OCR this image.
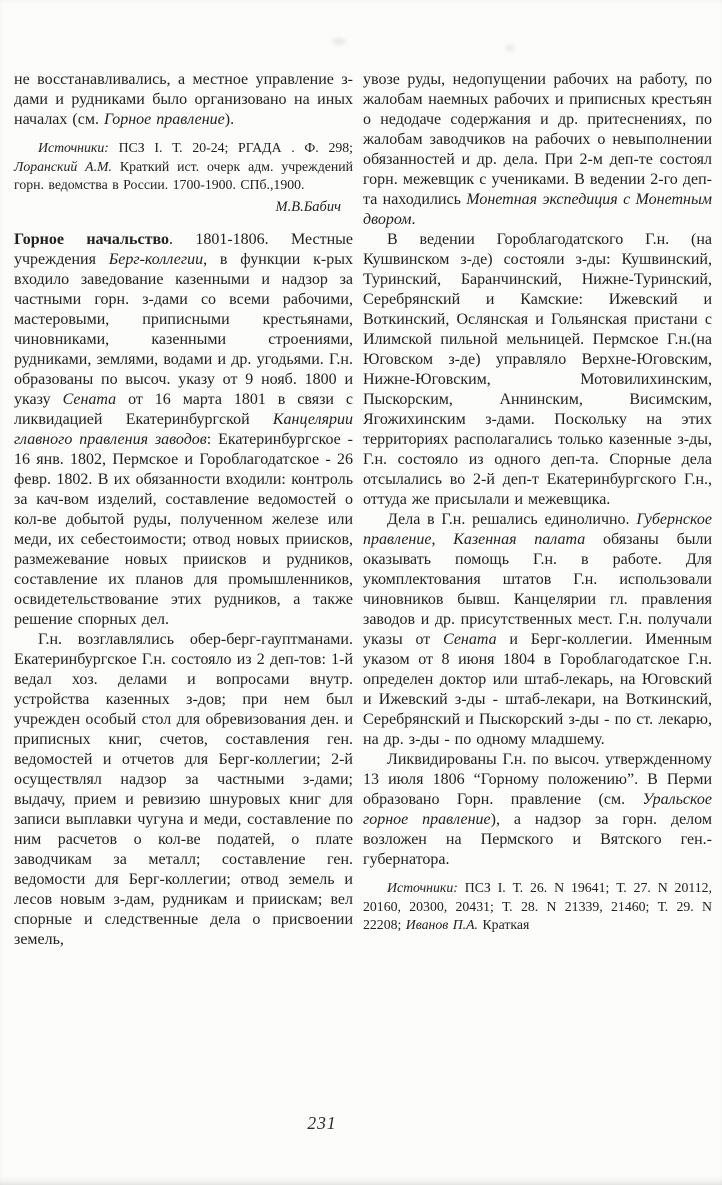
не восстанавливались, а местное управление з-дами и рудниками было организовано на иных началах (см. Горное правление).

Источники: ПСЗ I. Т. 20-24; РГАДА . Ф. 298; Лоранский А.М. Краткий ист. очерк адм. учреждений горн. ведомства в России. 1700-1900. СПб.,1900.

М.В.Бабич

Горное начальство. 1801-1806. Местные учреждения Берг-коллегии, в функции к-рых входило заведование казенными и надзор за частными горн. з-дами со всеми рабочими, мастеровыми, приписными крестьянами, чиновниками, казенными строениями, рудниками, землями, водами и др. угодьями. Г.н. образованы по высоч. указу от 9 нояб. 1800 и указу Сената от 16 марта 1801 в связи с ликвидацией Екатеринбургской Канцелярии главного правления заводов: Екатеринбургское - 16 янв. 1802, Пермское и Гороблагодатское - 26 февр. 1802. В их обязанности входили: контроль за кач-вом изделий, составление ведомостей о кол-ве добытой руды, полученном железе или меди, их себестоимости; отвод новых приисков, размежевание новых приисков и рудников, составление их планов для промышленников, освидетельствование этих рудников, а также решение спорных дел.

Г.н. возглавлялись обер-берг-гауптманами. Екатеринбургское Г.н. состояло из 2 деп-тов: 1-й ведал хоз. делами и вопросами внутр. устройства казенных з-дов; при нем был учрежден особый стол для обревизования ден. и приписных книг, счетов, составления ген. ведомостей и отчетов для Берг-коллегии; 2-й осуществлял надзор за частными з-дами; выдачу, прием и ревизию шнуровых книг для записи выплавки чугуна и меди, составление по ним расчетов о кол-ве податей, о плате заводчикам за металл; составление ген. ведомости для Берг-коллегии; отвод земель и лесов новым з-дам, рудникам и приискам; вел спорные и следственные дела о присвоении земель,

увозе руды, недопущении рабочих на работу, по жалобам наемных рабочих и приписных крестьян о недодаче содержания и др. притеснениях, по жалобам заводчиков на рабочих о невыполнении обязанностей и др. дела. При 2-м деп-те состоял горн. межевщик с учениками. В ведении 2-го деп-та находились Монетная экспедиция с Монетным двором.

В ведении Гороблагодатского Г.н. (на Кушвинском з-де) состояли з-ды: Кушвинский, Туринский, Баранчинский, Нижне-Туринский, Серебрянский и Камские: Ижевский и Воткинский, Ослянская и Гольянская пристани с Илимской пильной мельницей. Пермское Г.н.(на Юговском з-де) управляло Верхне-Юговским, Нижне-Юговским, Мотовилихинским, Пыскорским, Аннинским, Висимским, Ягожихинским з-дами. Поскольку на этих территориях располагались только казенные з-ды, Г.н. состояло из одного деп-та. Спорные дела отсылались во 2-й деп-т Екатеринбургского Г.н., оттуда же присылали и межевщика.

Дела в Г.н. решались единолично. Губернское правление, Казенная палата обязаны были оказывать помощь Г.н. в работе. Для укомплектования штатов Г.н. использовали чиновников бывш. Канцелярии гл. правления заводов и др. присутственных мест. Г.н. получали указы от Сената и Берг-коллегии. Именным указом от 8 июня 1804 в Гороблагодатское Г.н. определен доктор или штаб-лекарь, на Юговский и Ижевский з-ды - штаб-лекари, на Воткинский, Серебрянский и Пыскорский з-ды - по ст. лекарю, на др. з-ды - по одному младшему.

Ликвидированы Г.н. по высоч. утвержденному 13 июля 1806 “Горному положению”. В Перми образовано Горн. правление (см. Уральское горное правление), а надзор за горн. делом возложен на Пермского и Вятского ген.-губернатора.

Источники: ПСЗ I. Т. 26. N 19641; Т. 27. N 20112, 20160, 20300, 20431; Т. 28. N 21339, 21460; Т. 29. N 22208; Иванов П.А. Краткая

231
